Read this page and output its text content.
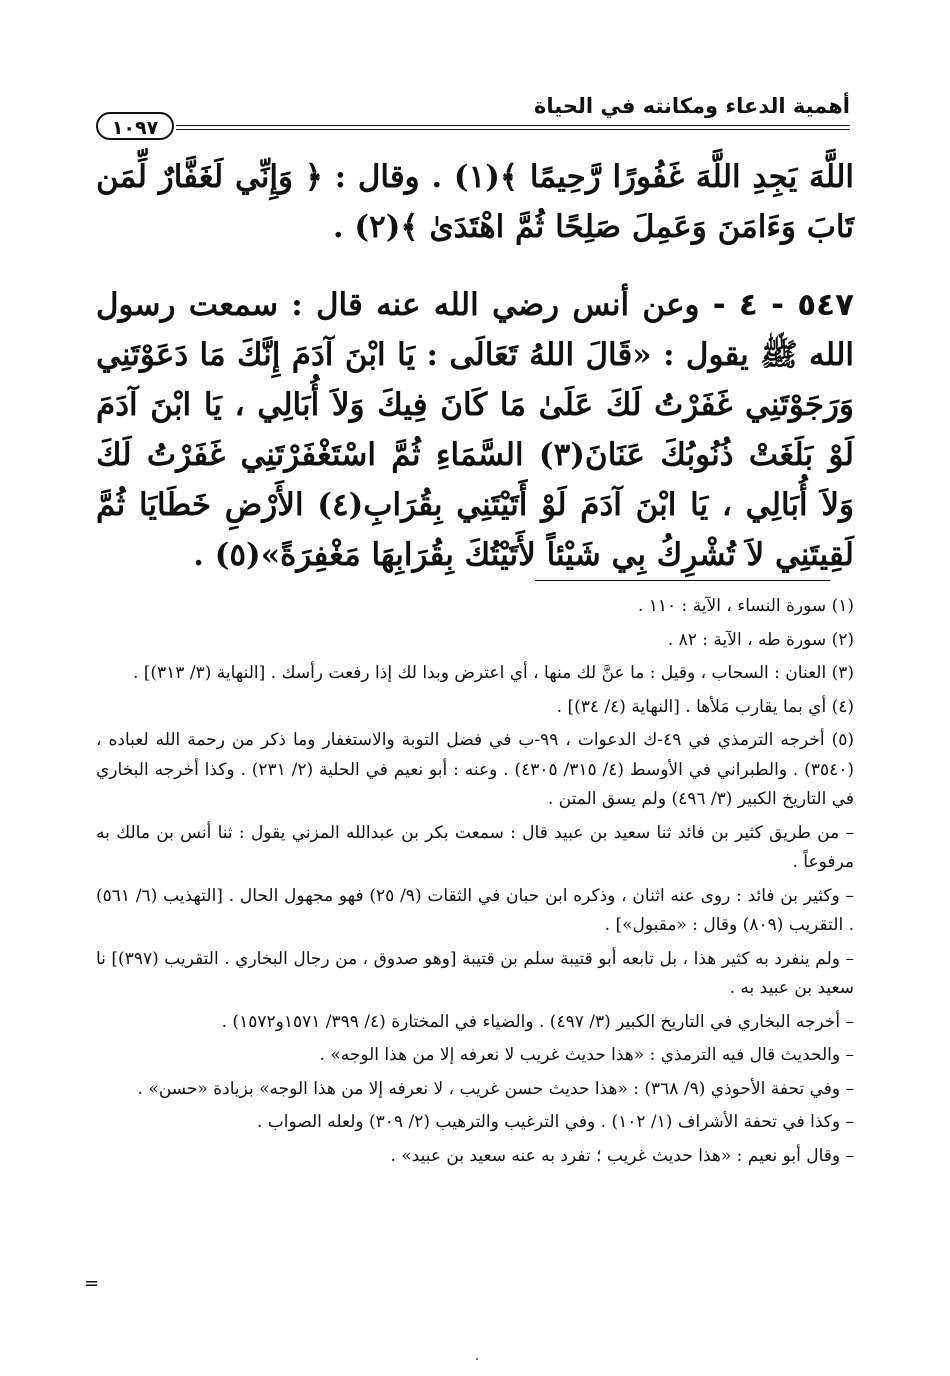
أهمية الدعاء ومكانته في الحياة
١٠٩٧

اللَّهَ يَجِدِ اللَّهَ غَفُورًا رَّحِيمًا ﴾(١) . وقال : ﴿ وَإِنِّي لَغَفَّارٌ لِّمَن تَابَ وَءَامَنَ وَعَمِلَ صَلِحًا ثُمَّ اهْتَدَىٰ ﴾(٢) .

٥٤٧ - ٤ - وعن أنس رضي الله عنه قال : سمعت رسول الله ﷺ يقول : «قَالَ اللهُ تَعَالَى : يَا ابْنَ آدَمَ إِنَّكَ مَا دَعَوْتَنِي وَرَجَوْتَنِي غَفَرْتُ لَكَ عَلَىٰ مَا كَانَ فِيكَ وَلاَ أُبَالِي ، يَا ابْنَ آدَمَ لَوْ بَلَغَتْ ذُنُوبُكَ عَنَانَ(٣) السَّمَاءِ ثُمَّ اسْتَغْفَرْتَنِي غَفَرْتُ لَكَ وَلاَ أُبَالِي ، يَا ابْنَ آدَمَ لَوْ أَتَيْتَنِي بِقُرَابِ(٤) الأَرْضِ خَطَايَا ثُمَّ لَقِيتَنِي لاَ تُشْرِكُ بِي شَيْئاً لأَتَيْتُكَ بِقُرَابِهَا مَغْفِرَةً»(٥) .

(١) سورة النساء ، الآية : ١١٠ .

(٢) سورة طه ، الآية : ٨٢ .

(٣) العنان : السحاب ، وقيل : ما عنَّ لك منها ، أي اعترض وبدا لك إذا رفعت رأسك . [النهاية (٣/ ٣١٣)] .

(٤) أي بما يقارب مَلأها . [النهاية (٤/ ٣٤)] .

(٥) أخرجه الترمذي في ٤٩-ك الدعوات ، ٩٩-ب في فضل التوبة والاستغفار وما ذكر من رحمة الله لعباده ، (٣٥٤٠) . والطبراني في الأوسط (٤/ ٣١٥/ ٤٣٠٥) . وعنه : أبو نعيم في الحلية (٢/ ٢٣١) . وكذا أخرجه البخاري في التاريخ الكبير (٣/ ٤٩٦) ولم يسق المتن .

– من طريق كثير بن فائد ثنا سعيد بن عبيد قال : سمعت بكر بن عبدالله المزني يقول : ثنا أنس بن مالك به مرفوعاً .

– وكثير بن فائد : روى عنه اثنان ، وذكره ابن حبان في الثقات (٩/ ٢٥) فهو مجهول الحال . [التهذيب (٦/ ٥٦١) . التقريب (٨٠٩) وقال : «مقبول»] .

– ولم ينفرد به كثير هذا ، بل تابعه أبو قتيبة سلم بن قتيبة [وهو صدوق ، من رجال البخاري . التقريب (٣٩٧)] نا سعيد بن عبيد به .

– أخرجه البخاري في التاريخ الكبير (٣/ ٤٩٧) . والضياء في المختارة (٤/ ٣٩٩/ ١٥٧١و١٥٧٢) .

– والحديث قال فيه الترمذي : «هذا حديث غريب لا نعرفه إلا من هذا الوجه» .

– وفي تحفة الأحوذي (٩/ ٣٦٨) : «هذا حديث حسن غريب ، لا نعرفه إلا من هذا الوجه» بزيادة «حسن» .

– وكذا في تحفة الأشراف (١/ ١٠٢) . وفي الترغيب والترهيب (٢/ ٣٠٩) ولعله الصواب .

– وقال أبو نعيم : «هذا حديث غريب ؛ تفرد به عنه سعيد بن عبيد» .

=
